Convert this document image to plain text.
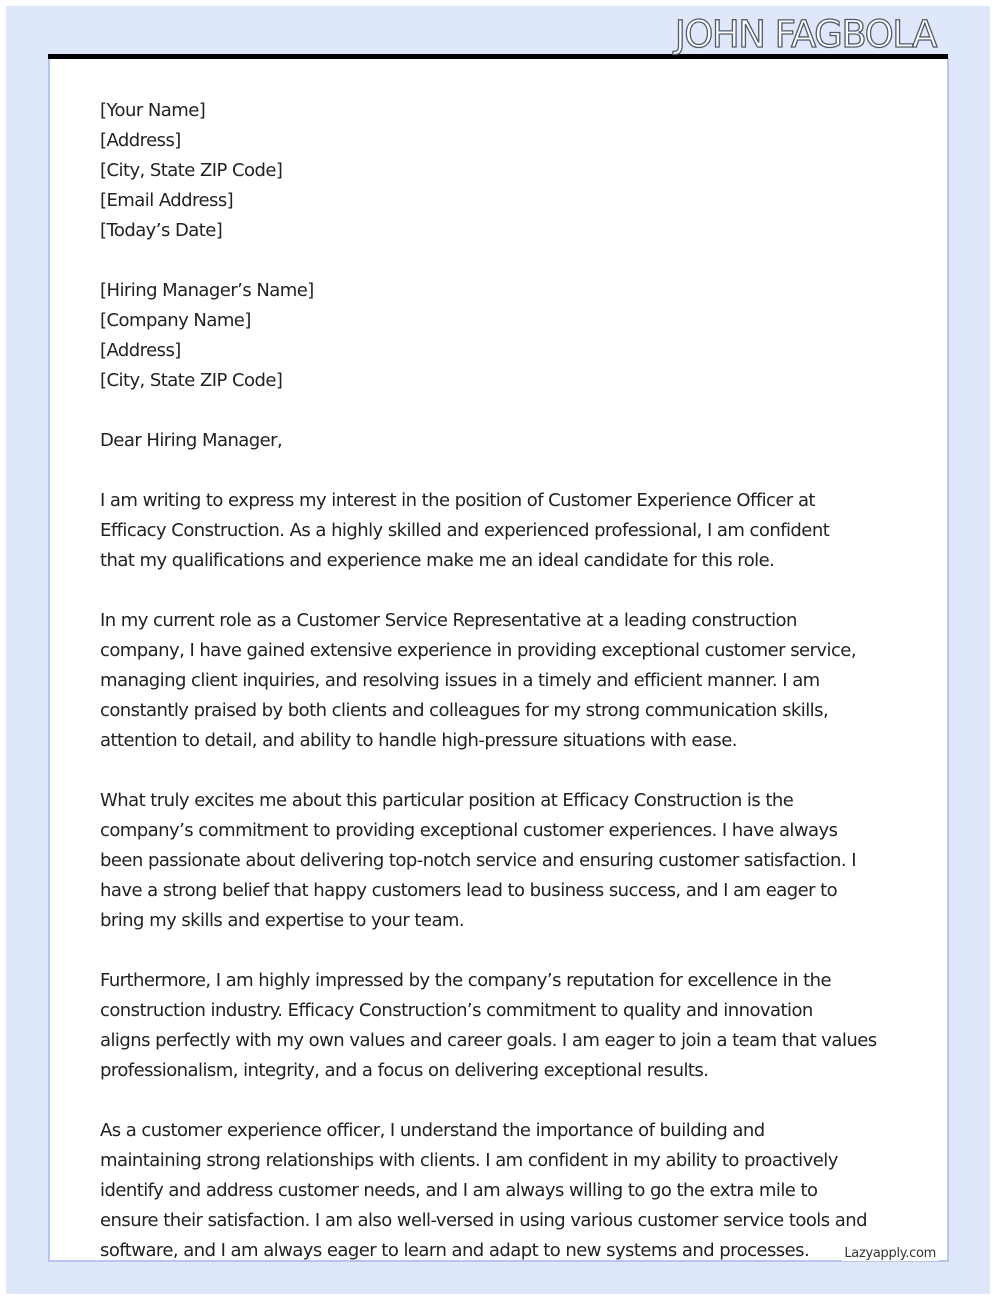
[Your Name]
[Address]
[City, State ZIP Code]
[Email Address]
[Today’s Date]
[Hiring Manager’s Name]
[Company Name]
[Address]
[City, State ZIP Code]
Dear Hiring Manager,
I am writing to express my interest in the position of Customer Experience Officer at
Efficacy Construction. As a highly skilled and experienced professional, I am confident
that my qualifications and experience make me an ideal candidate for this role.
In my current role as a Customer Service Representative at a leading construction
company, I have gained extensive experience in providing exceptional customer service,
managing client inquiries, and resolving issues in a timely and efficient manner. I am
constantly praised by both clients and colleagues for my strong communication skills,
attention to detail, and ability to handle high-pressure situations with ease.
What truly excites me about this particular position at Efficacy Construction is the
company’s commitment to providing exceptional customer experiences. I have always
been passionate about delivering top-notch service and ensuring customer satisfaction. I
have a strong belief that happy customers lead to business success, and I am eager to
bring my skills and expertise to your team.
Furthermore, I am highly impressed by the company’s reputation for excellence in the
construction industry. Efficacy Construction’s commitment to quality and innovation
aligns perfectly with my own values and career goals. I am eager to join a team that values
professionalism, integrity, and a focus on delivering exceptional results.
As a customer experience officer, I understand the importance of building and
maintaining strong relationships with clients. I am confident in my ability to proactively
identify and address customer needs, and I am always willing to go the extra mile to
ensure their satisfaction. I am also well-versed in using various customer service tools and
software, and I am always eager to learn and adapt to new systems and processes.
JOHN FAGBOLA
Lazyapply.com
